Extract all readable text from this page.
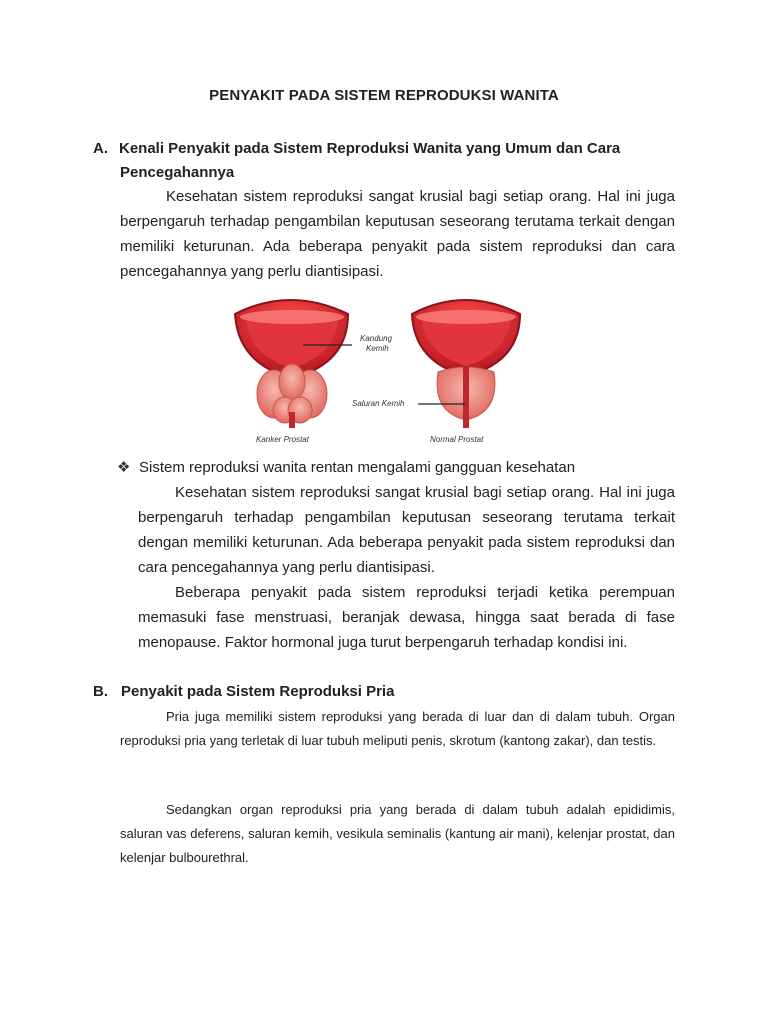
PENYAKIT PADA SISTEM REPRODUKSI WANITA
A. Kenali Penyakit pada Sistem Reproduksi Wanita yang Umum dan Cara
Pencegahannya
Kesehatan sistem reproduksi sangat krusial bagi setiap orang. Hal ini juga berpengaruh terhadap pengambilan keputusan seseorang terutama terkait dengan memiliki keturunan. Ada beberapa penyakit pada sistem reproduksi dan cara pencegahannya yang perlu diantisipasi.
Kandung
Kemih
Saluran Kemih
Kanker Prostat	Normal Prostat
❖ Sistem reproduksi wanita rentan mengalami gangguan kesehatan
Kesehatan sistem reproduksi sangat krusial bagi setiap orang. Hal ini juga berpengaruh terhadap pengambilan keputusan seseorang terutama terkait dengan memiliki keturunan. Ada beberapa penyakit pada sistem reproduksi dan cara pencegahannya yang perlu diantisipasi.
Beberapa penyakit pada sistem reproduksi terjadi ketika perempuan memasuki fase menstruasi, beranjak dewasa, hingga saat berada di fase menopause. Faktor hormonal juga turut berpengaruh terhadap kondisi ini.
B. Penyakit pada Sistem Reproduksi Pria
Pria juga memiliki sistem reproduksi yang berada di luar dan di dalam tubuh. Organ reproduksi pria yang terletak di luar tubuh meliputi penis, skrotum (kantong zakar), dan testis.
Sedangkan organ reproduksi pria yang berada di dalam tubuh adalah epididimis, saluran vas deferens, saluran kemih, vesikula seminalis (kantung air mani), kelenjar prostat, dan kelenjar bulbourethral.
